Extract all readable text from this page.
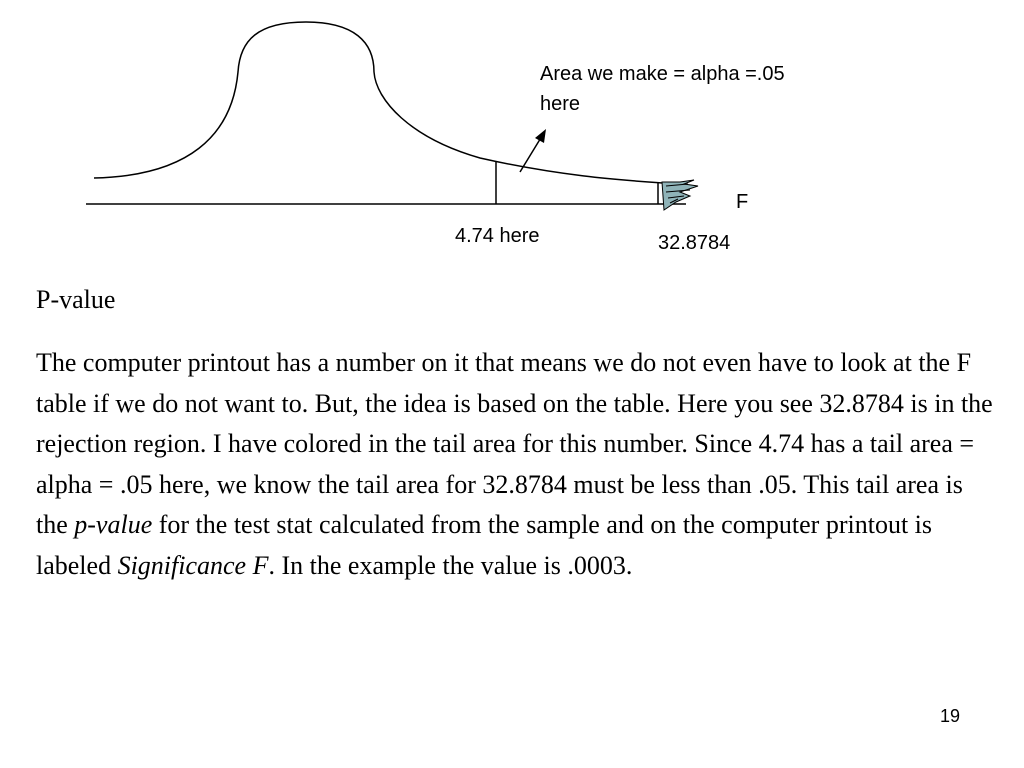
Area we make = alpha =.05
here
4.74 here	32.8784
F
P-value

The computer printout has a number on it that means we do not even have to look at the F table if we do not want to. But, the idea is based on the table. Here you see 32.8784 is in the rejection region. I have colored in the tail area for this number. Since 4.74 has a tail area = alpha = .05 here, we know the tail area for 32.8784 must be less than .05. This tail area is the p-value for the test stat calculated from the sample and on the computer printout is labeled Significance F. In the example the value is .0003.

19
